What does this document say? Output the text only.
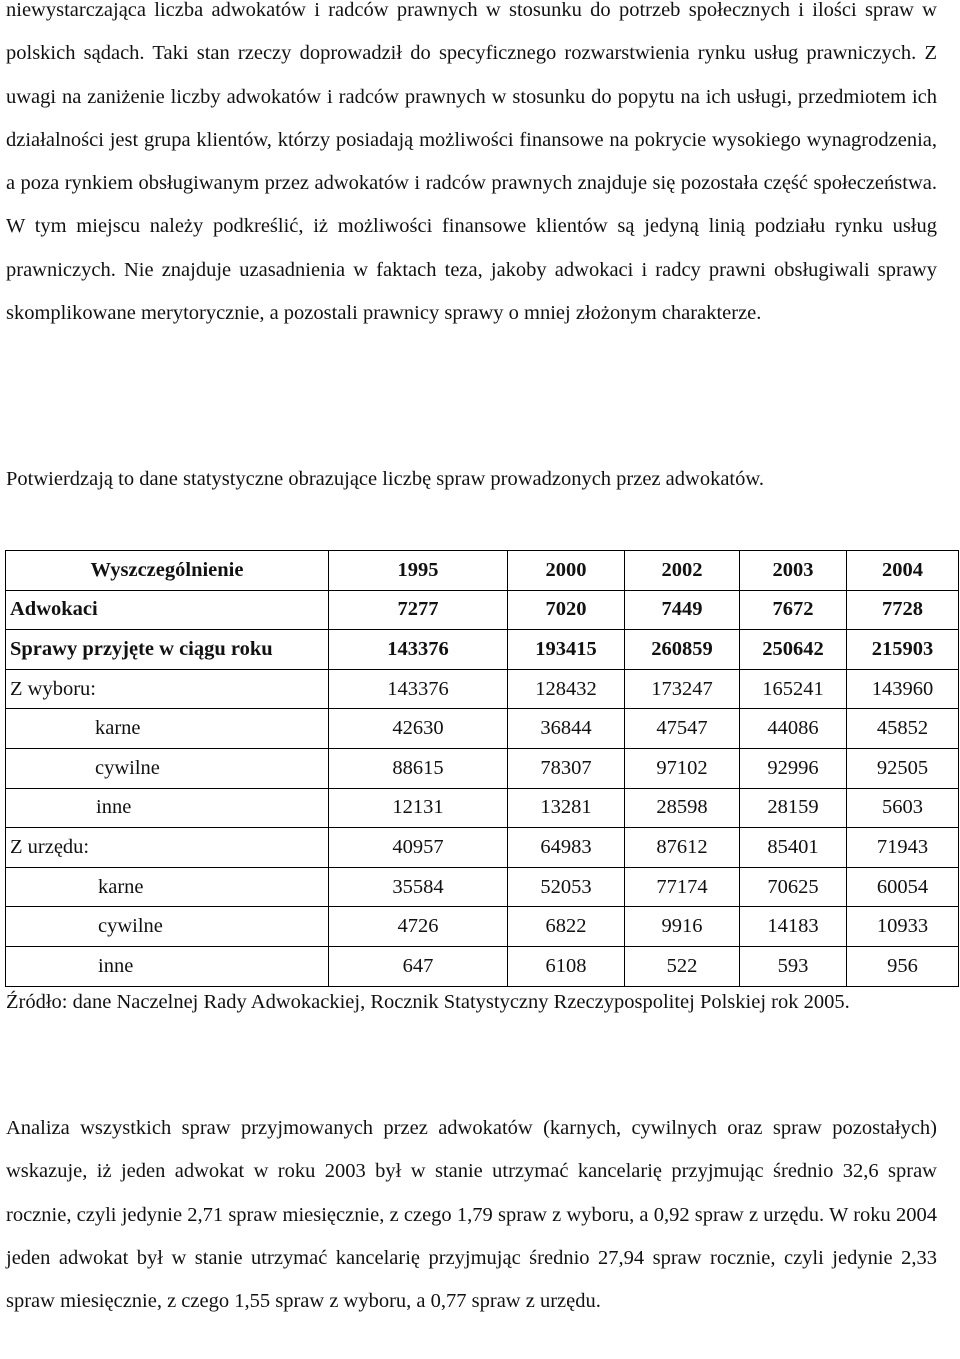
niewystarczająca liczba adwokatów i radców prawnych w stosunku do potrzeb społecznych i ilości spraw w polskich sądach. Taki stan rzeczy doprowadził do specyficznego rozwarstwienia rynku usług prawniczych. Z uwagi na zaniżenie liczby adwokatów i radców prawnych w stosunku do popytu na ich usługi, przedmiotem ich działalności jest grupa klientów, którzy posiadają możliwości finansowe na pokrycie wysokiego wynagrodzenia, a poza rynkiem obsługiwanym przez adwokatów i radców prawnych znajduje się pozostała część społeczeństwa. W tym miejscu należy podkreślić, iż możliwości finansowe klientów są jedyną linią podziału rynku usług prawniczych. Nie znajduje uzasadnienia w faktach teza, jakoby adwokaci i radcy prawni obsługiwali sprawy skomplikowane merytorycznie, a pozostali prawnicy sprawy o mniej złożonym charakterze.

Potwierdzają to dane statystyczne obrazujące liczbę spraw prowadzonych przez adwokatów.

Wyszczególnienie	1995	2000	2002	2003	2004
Adwokaci	7277	7020	7449	7672	7728
Sprawy przyjęte w ciągu roku	143376	193415	260859	250642	215903
Z wyboru:	143376	128432	173247	165241	143960
karne	42630	36844	47547	44086	45852
cywilne	88615	78307	97102	92996	92505
inne	12131	13281	28598	28159	5603
Z urzędu:	40957	64983	87612	85401	71943
karne	35584	52053	77174	70625	60054
cywilne	4726	6822	9916	14183	10933
inne	647	6108	522	593	956

Źródło: dane Naczelnej Rady Adwokackiej, Rocznik Statystyczny Rzeczypospolitej Polskiej rok 2005.

Analiza wszystkich spraw przyjmowanych przez adwokatów (karnych, cywilnych oraz spraw pozostałych) wskazuje, iż jeden adwokat w roku 2003 był w stanie utrzymać kancelarię przyjmując średnio 32,6 spraw rocznie, czyli jedynie 2,71 spraw miesięcznie, z czego 1,79 spraw z wyboru, a 0,92 spraw z urzędu. W roku 2004 jeden adwokat był w stanie utrzymać kancelarię przyjmując średnio 27,94 spraw rocznie, czyli jedynie 2,33 spraw miesięcznie, z czego 1,55 spraw z wyboru, a 0,77 spraw z urzędu.
